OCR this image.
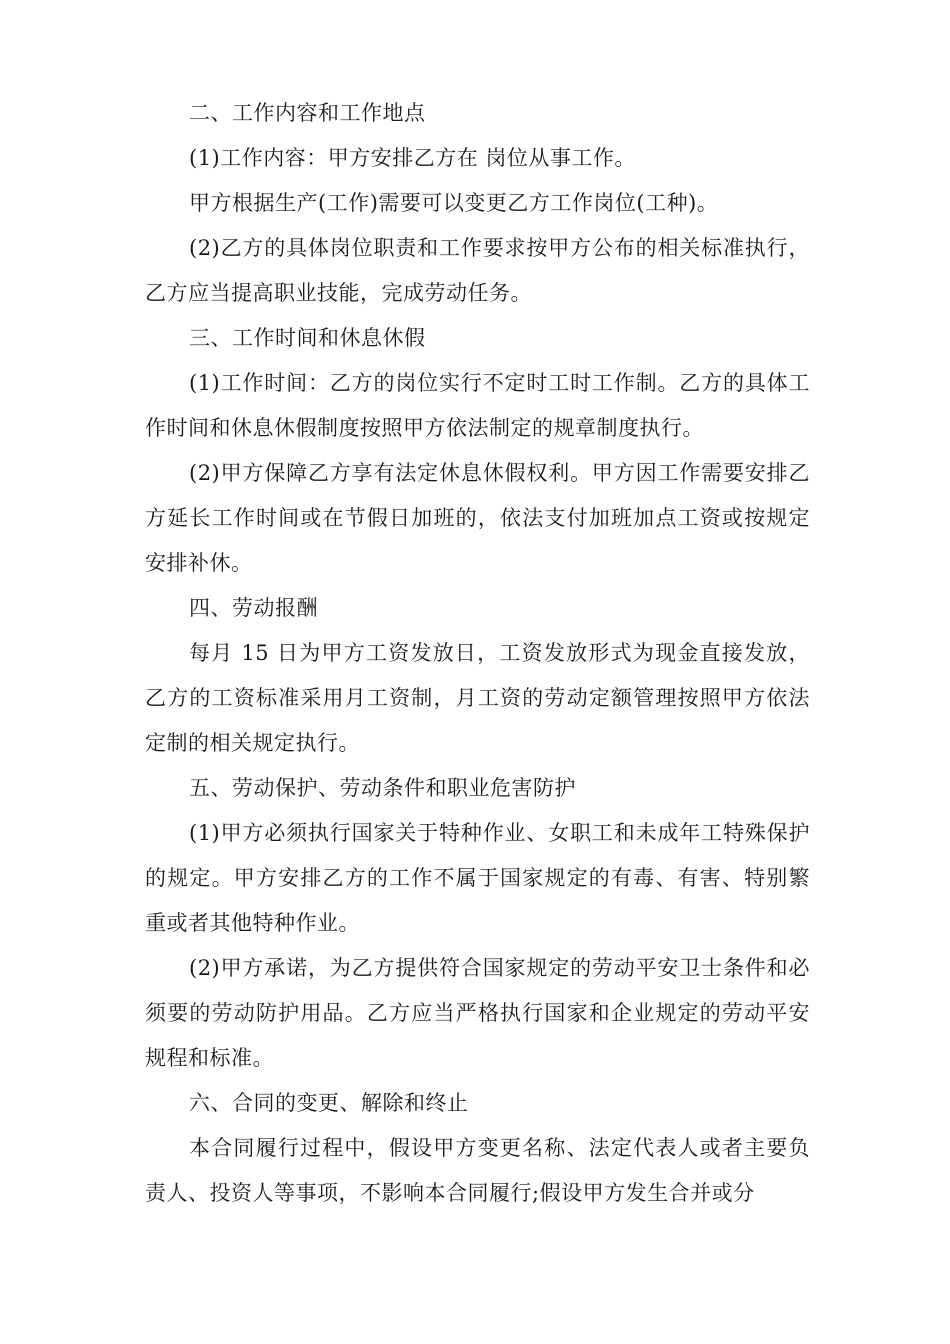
二、工作内容和工作地点

(1)工作内容：甲方安排乙方在 岗位从事工作。

甲方根据生产(工作)需要可以变更乙方工作岗位(工种)。

(2)乙方的具体岗位职责和工作要求按甲方公布的相关标准执行，乙方应当提高职业技能，完成劳动任务。

三、工作时间和休息休假

(1)工作时间：乙方的岗位实行不定时工时工作制。乙方的具体工作时间和休息休假制度按照甲方依法制定的规章制度执行。

(2)甲方保障乙方享有法定休息休假权利。甲方因工作需要安排乙方延长工作时间或在节假日加班的，依法支付加班加点工资或按规定安排补休。

四、劳动报酬

每月 15 日为甲方工资发放日，工资发放形式为现金直接发放，乙方的工资标准采用月工资制，月工资的劳动定额管理按照甲方依法定制的相关规定执行。

五、劳动保护、劳动条件和职业危害防护

(1)甲方必须执行国家关于特种作业、女职工和未成年工特殊保护的规定。甲方安排乙方的工作不属于国家规定的有毒、有害、特别繁重或者其他特种作业。

(2)甲方承诺，为乙方提供符合国家规定的劳动平安卫士条件和必须要的劳动防护用品。乙方应当严格执行国家和企业规定的劳动平安规程和标准。

六、合同的变更、解除和终止

本合同履行过程中，假设甲方变更名称、法定代表人或者主要负责人、投资人等事项，不影响本合同履行;假设甲方发生合并或分
